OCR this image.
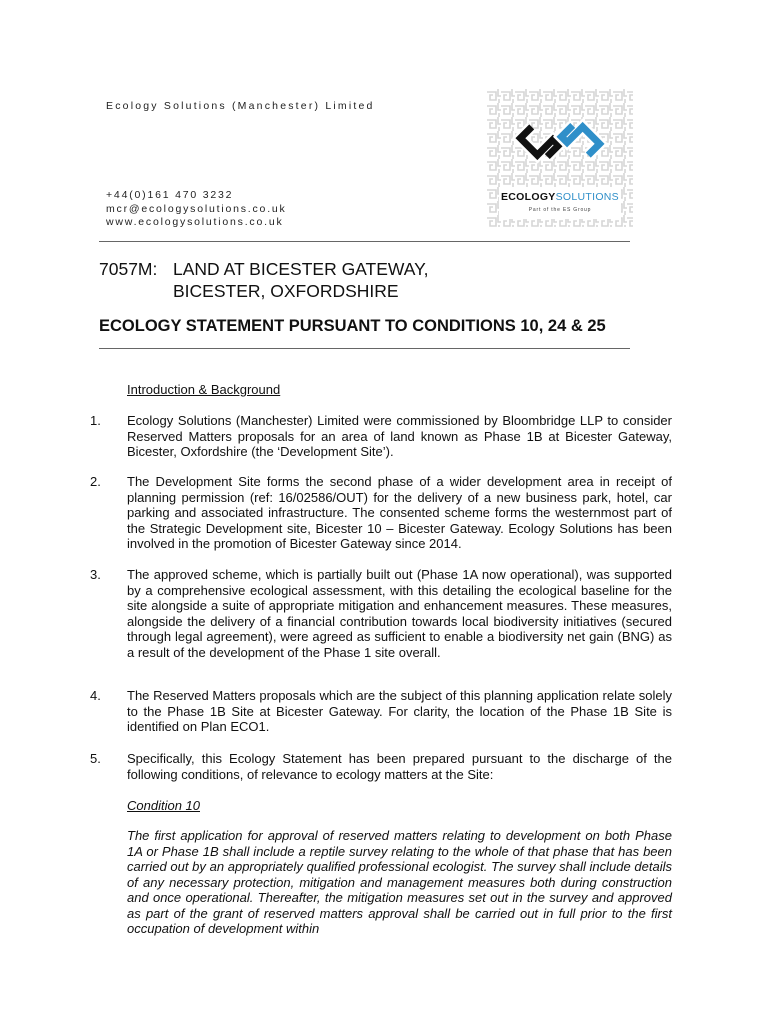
Ecology Solutions (Manchester) Limited
+44(0)161 470 3232
mcr@ecologysolutions.co.uk
www.ecologysolutions.co.uk
ECOLOGYSOLUTIONS
Part of the ES Group
7057M: LAND AT BICESTER GATEWAY,
BICESTER, OXFORDSHIRE
ECOLOGY STATEMENT PURSUANT TO CONDITIONS 10, 24 & 25
Introduction & Background
1. Ecology Solutions (Manchester) Limited were commissioned by Bloombridge LLP to consider Reserved Matters proposals for an area of land known as Phase 1B at Bicester Gateway, Bicester, Oxfordshire (the ‘Development Site’).
2. The Development Site forms the second phase of a wider development area in receipt of planning permission (ref: 16/02586/OUT) for the delivery of a new business park, hotel, car parking and associated infrastructure. The consented scheme forms the westernmost part of the Strategic Development site, Bicester 10 – Bicester Gateway. Ecology Solutions has been involved in the promotion of Bicester Gateway since 2014.
3. The approved scheme, which is partially built out (Phase 1A now operational), was supported by a comprehensive ecological assessment, with this detailing the ecological baseline for the site alongside a suite of appropriate mitigation and enhancement measures. These measures, alongside the delivery of a financial contribution towards local biodiversity initiatives (secured through legal agreement), were agreed as sufficient to enable a biodiversity net gain (BNG) as a result of the development of the Phase 1 site overall.
4. The Reserved Matters proposals which are the subject of this planning application relate solely to the Phase 1B Site at Bicester Gateway. For clarity, the location of the Phase 1B Site is identified on Plan ECO1.
5. Specifically, this Ecology Statement has been prepared pursuant to the discharge of the following conditions, of relevance to ecology matters at the Site:
Condition 10
The first application for approval of reserved matters relating to development on both Phase 1A or Phase 1B shall include a reptile survey relating to the whole of that phase that has been carried out by an appropriately qualified professional ecologist. The survey shall include details of any necessary protection, mitigation and management measures both during construction and once operational. Thereafter, the mitigation measures set out in the survey and approved as part of the grant of reserved matters approval shall be carried out in full prior to the first occupation of development within
